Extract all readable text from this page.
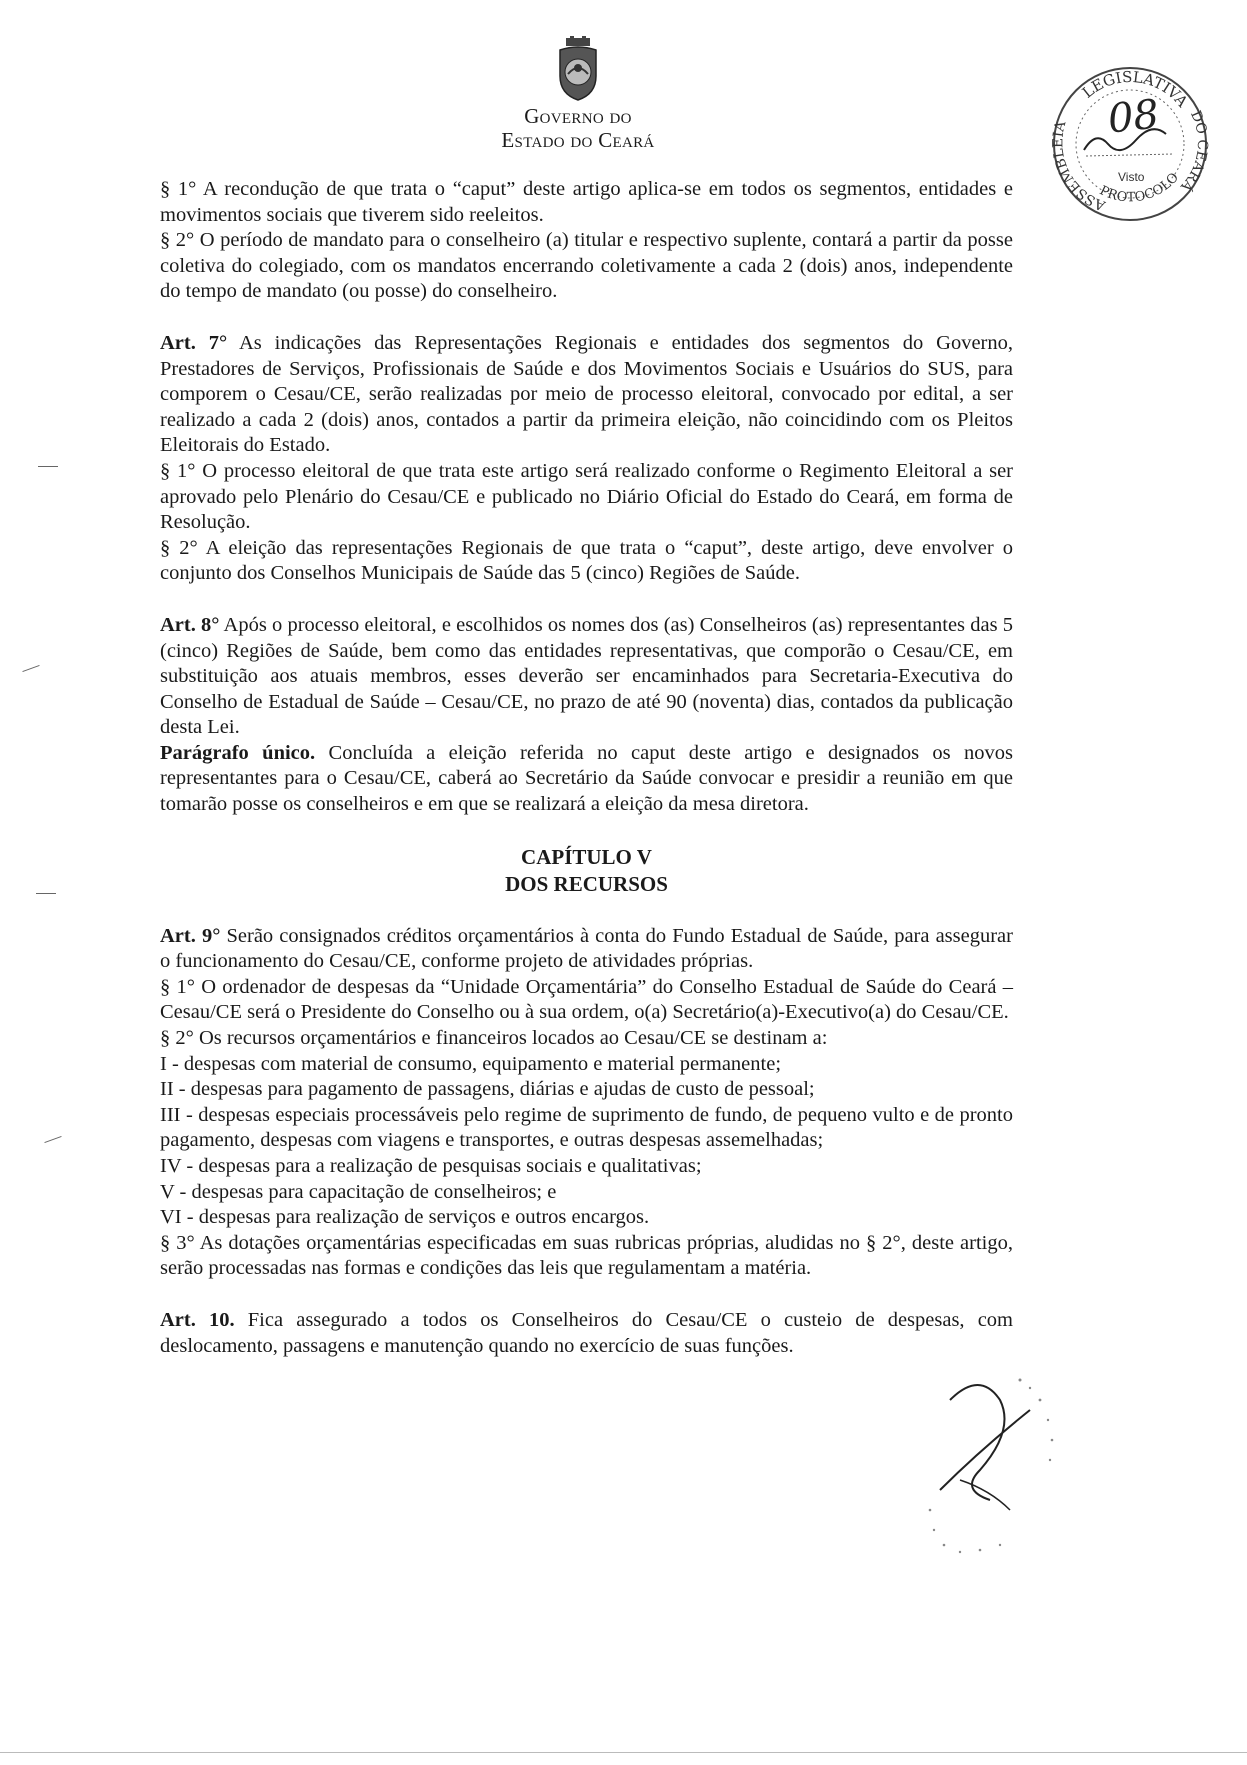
Governo do
Estado do Ceará
LEGISLATIVA
ASSEMBLEIA
DO CEARÁ
PROTOCOLO
08
Visto

§ 1° A recondução de que trata o “caput” deste artigo aplica-se em todos os segmentos, entidades e movimentos sociais que tiverem sido reeleitos.

§ 2° O período de mandato para o conselheiro (a) titular e respectivo suplente, contará a partir da posse coletiva do colegiado, com os mandatos encerrando coletivamente a cada 2 (dois) anos, independente do tempo de mandato (ou posse) do conselheiro.

Art. 7° As indicações das Representações Regionais e entidades dos segmentos do Governo, Prestadores de Serviços, Profissionais de Saúde e dos Movimentos Sociais e Usuários do SUS, para comporem o Cesau/CE, serão realizadas por meio de processo eleitoral, convocado por edital, a ser realizado a cada 2 (dois) anos, contados a partir da primeira eleição, não coincidindo com os Pleitos Eleitorais do Estado.

§ 1° O processo eleitoral de que trata este artigo será realizado conforme o Regimento Eleitoral a ser aprovado pelo Plenário do Cesau/CE e publicado no Diário Oficial do Estado do Ceará, em forma de Resolução.

§ 2° A eleição das representações Regionais de que trata o “caput”, deste artigo, deve envolver o conjunto dos Conselhos Municipais de Saúde das 5 (cinco) Regiões de Saúde.

Art. 8° Após o processo eleitoral, e escolhidos os nomes dos (as) Conselheiros (as) representantes das 5 (cinco) Regiões de Saúde, bem como das entidades representativas, que comporão o Cesau/CE, em substituição aos atuais membros, esses deverão ser encaminhados para Secretaria-Executiva do Conselho de Estadual de Saúde – Cesau/CE, no prazo de até 90 (noventa) dias, contados da publicação desta Lei.

Parágrafo único. Concluída a eleição referida no caput deste artigo e designados os novos representantes para o Cesau/CE, caberá ao Secretário da Saúde convocar e presidir a reunião em que tomarão posse os conselheiros e em que se realizará a eleição da mesa diretora.

CAPÍTULO V

DOS RECURSOS

Art. 9° Serão consignados créditos orçamentários à conta do Fundo Estadual de Saúde, para assegurar o funcionamento do Cesau/CE, conforme projeto de atividades próprias.

§ 1° O ordenador de despesas da “Unidade Orçamentária” do Conselho Estadual de Saúde do Ceará – Cesau/CE será o Presidente do Conselho ou à sua ordem, o(a) Secretário(a)-Executivo(a) do Cesau/CE.

§ 2° Os recursos orçamentários e financeiros locados ao Cesau/CE se destinam a:

I - despesas com material de consumo, equipamento e material permanente;

II - despesas para pagamento de passagens, diárias e ajudas de custo de pessoal;

III - despesas especiais processáveis pelo regime de suprimento de fundo, de pequeno vulto e de pronto pagamento, despesas com viagens e transportes, e outras despesas assemelhadas;

IV - despesas para a realização de pesquisas sociais e qualitativas;

V - despesas para capacitação de conselheiros; e

VI - despesas para realização de serviços e outros encargos.

§ 3° As dotações orçamentárias especificadas em suas rubricas próprias, aludidas no § 2°, deste artigo, serão processadas nas formas e condições das leis que regulamentam a matéria.

Art. 10. Fica assegurado a todos os Conselheiros do Cesau/CE o custeio de despesas, com deslocamento, passagens e manutenção quando no exercício de suas funções.
